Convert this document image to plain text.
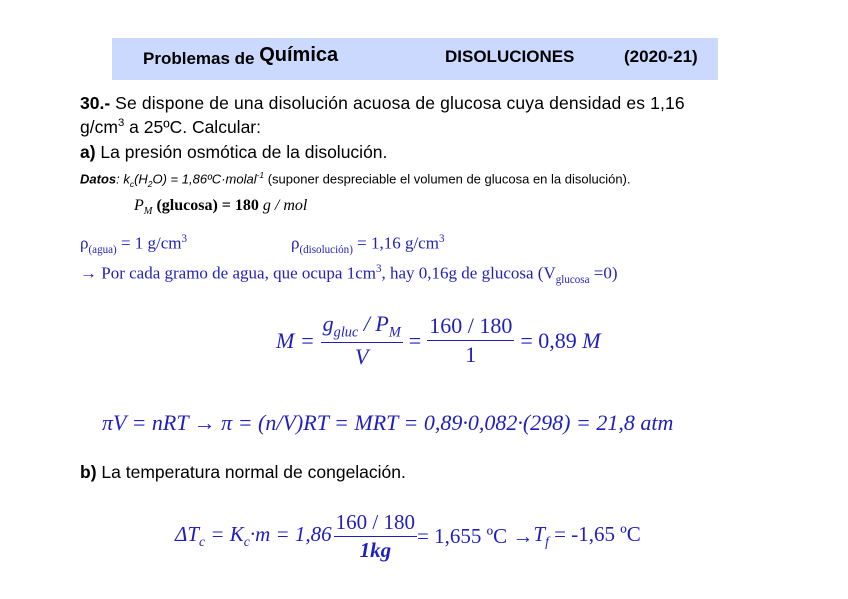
Problemas de Química	DISOLUCIONES	(2020-21)
30.- Se dispone de una disolución acuosa de glucosa cuya densidad es 1,16
$g/cm^3$ a 25ºC. Calcular:
a) La presión osmótica de la disolución.
Datos: $k_c(H_2O)$ = 1,86ºC·molal$^{-1}$ (suponer despreciable el volumen de glucosa en la disolución).
$P_M$ (glucosa) = 180 g / mol
$\rho_{(agua)} = 1$ $g/cm^3$	$\rho_{(disolución)} = 1,16$ $g/cm^3$
→ Por cada gramo de agua, que ocupa $1cm^3$, hay 0,16g de glucosa $(V_{glucosa} =0)$
$M = \frac{g_{gluc} / P_M}{V} = \frac{160 / 180}{1} = 0,89$ M
πV = nRT → π = (n/V)RT = MRT = 0,89·0,082·(298) = 21,8 atm
b) La temperatura normal de congelación.
$\Delta T_c = K_c\cdot m = 1,86 \frac{160 / 180}{1kg} = 1,655$ ºC → $T_f = -1,65$ ºC
